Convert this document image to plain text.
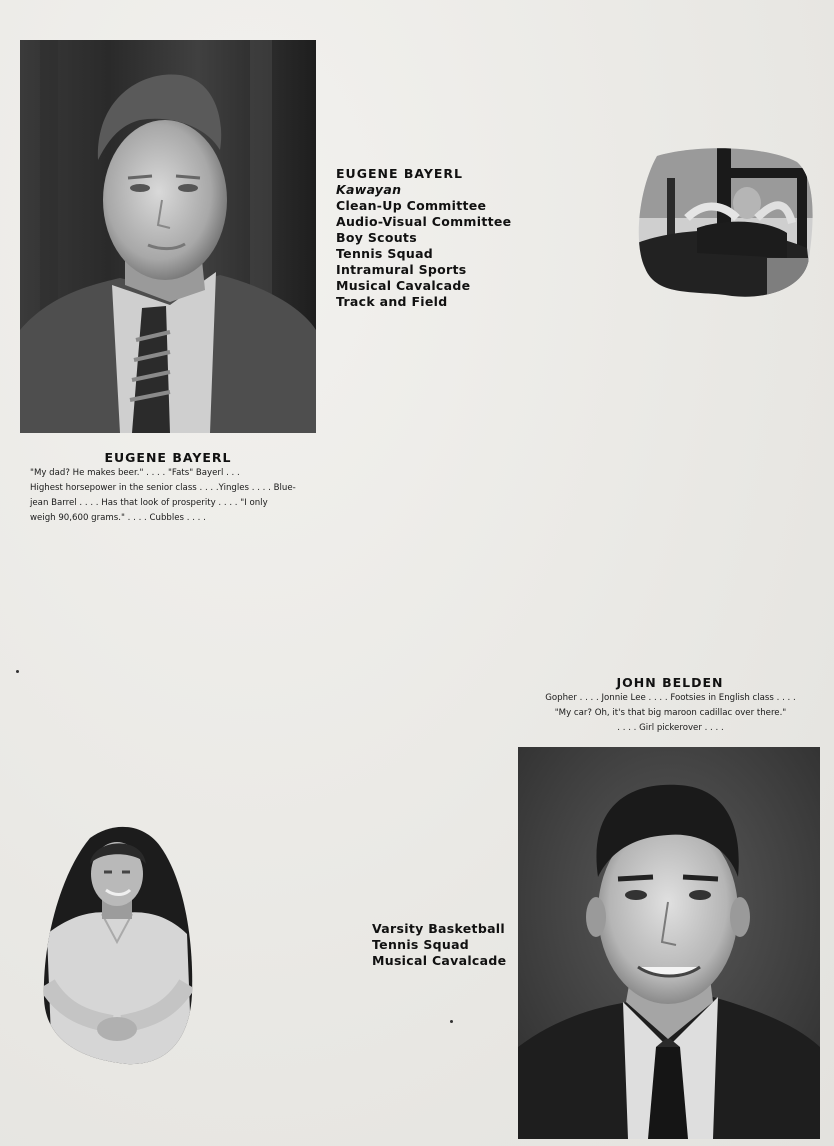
EUGENE BAYERL
Kawayan
Clean-Up Committee
Audio-Visual Committee
Boy Scouts
Tennis Squad
Intramural Sports
Musical Cavalcade
Track and Field
EUGENE BAYERL
"My dad? He makes beer." . . . . "Fats" Bayerl . . .
Highest horsepower in the senior class . . . .Yingles . . . . Blue-
jean Barrel . . . . Has that look of prosperity . . . . "I only
weigh 90,600 grams." . . . . Cubbles . . . .
JOHN BELDEN
Gopher . . . . Jonnie Lee . . . . Footsies in English class . . . .
"My car? Oh, it's that big maroon cadillac over there."
. . . . Girl pickerover . . . .
Varsity Basketball
Tennis Squad
Musical Cavalcade
